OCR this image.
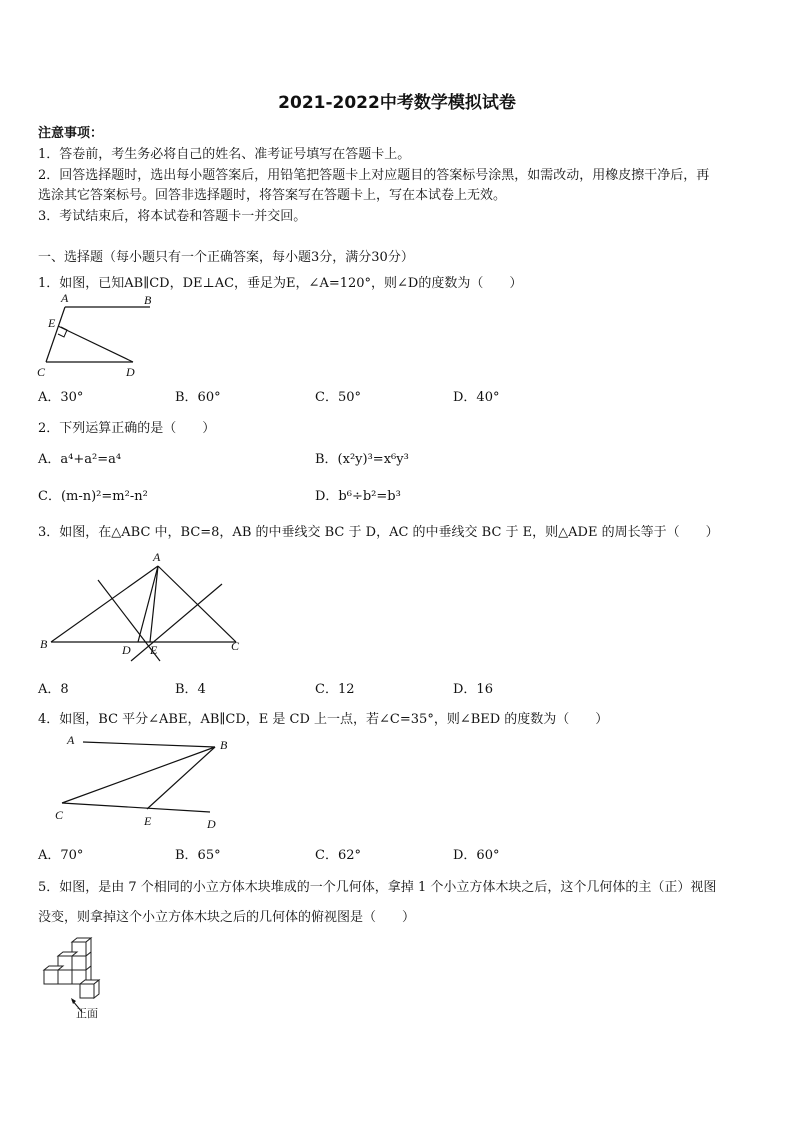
2021-2022中考数学模拟试卷
注意事项：
1．答卷前，考生务必将自己的姓名、准考证号填写在答题卡上。
2．回答选择题时，选出每小题答案后，用铅笔把答题卡上对应题目的答案标号涂黑，如需改动，用橡皮擦干净后，再
选涂其它答案标号。回答非选择题时，将答案写在答题卡上，写在本试卷上无效。
3．考试结束后，将本试卷和答题卡一并交回。
一、选择题（每小题只有一个正确答案，每小题3分，满分30分）
1．如图，已知AB∥CD，DE⊥AC，垂足为E，∠A=120°，则∠D的度数为（　　）
A	B
E
C	D
A．30°	B．60°	C．50°	D．40°
2．下列运算正确的是（　　）
A．a⁴+a²=a⁴	B．(x²y)³=x⁶y³
C．(m-n)²=m²-n²	D．b⁶÷b²=b³
3．如图，在△ABC 中，BC=8，AB 的中垂线交 BC 于 D，AC 的中垂线交 BC 于 E，则△ADE 的周长等于（　　）
A
B	D E	C
A．8	B．4	C．12	D．16
4．如图，BC 平分∠ABE，AB∥CD，E 是 CD 上一点，若∠C=35°，则∠BED 的度数为（　　）
A	B
C	E	D
A．70°	B．65°	C．62°	D．60°
5．如图，是由 7 个相同的小立方体木块堆成的一个几何体，拿掉 1 个小立方体木块之后，这个几何体的主（正）视图
没变，则拿掉这个小立方体木块之后的几何体的俯视图是（　　）
正面
